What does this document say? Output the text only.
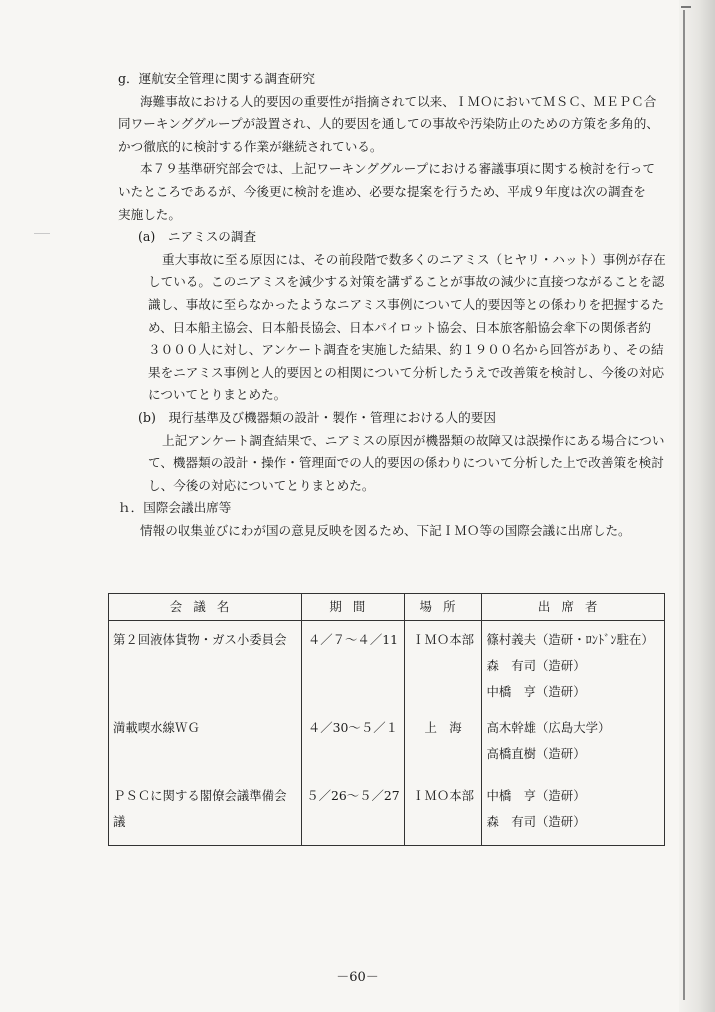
g．運航安全管理に関する調査研究

海難事故における人的要因の重要性が指摘されて以来、ＩＭＯにおいてＭＳＣ、ＭＥＰＣ合

同ワーキンググループが設置され、人的要因を通しての事故や汚染防止のための方策を多角的、

かつ徹底的に検討する作業が継続されている。

本７９基準研究部会では、上記ワーキンググループにおける審議事項に関する検討を行って

いたところであるが、今後更に検討を進め、必要な提案を行うため、平成９年度は次の調査を

実施した。

(a)　ニアミスの調査

重大事故に至る原因には、その前段階で数多くのニアミス（ヒヤリ・ハット）事例が存在

している。このニアミスを減少する対策を講ずることが事故の減少に直接つながることを認

識し、事故に至らなかったようなニアミス事例について人的要因等との係わりを把握するた

め、日本船主協会、日本船長協会、日本パイロット協会、日本旅客船協会傘下の関係者約

３０００人に対し、アンケート調査を実施した結果、約１９００名から回答があり、その結

果をニアミス事例と人的要因との相関について分析したうえで改善策を検討し、今後の対応

についてとりまとめた。

(b)　現行基準及び機器類の設計・製作・管理における人的要因

上記アンケート調査結果で、ニアミスの原因が機器類の故障又は誤操作にある場合につい

て、機器類の設計・操作・管理面での人的要因の係わりについて分析した上で改善策を検討

し、今後の対応についてとりまとめた。

ｈ．国際会議出席等

情報の収集並びにわが国の意見反映を図るため、下記ＩＭＯ等の国際会議に出席した。

会議名	期間	場所	出席者
第２回液体貨物・ガス小委員会	４／７～４／11	ＩＭＯ本部	篠村義夫（造研・ﾛﾝﾄﾞﾝ駐在）
森　有司（造研）
中橋　亨（造研）

満載喫水線ＷＧ	４／30～５／１	上　海	高木幹雄（広島大学）
高橋直樹（造研）

ＰＳＣに関する閣僚会議準備会議	５／26～５／27	ＩＭＯ本部	中橋　亨（造研）
森　有司（造研）
－60－
